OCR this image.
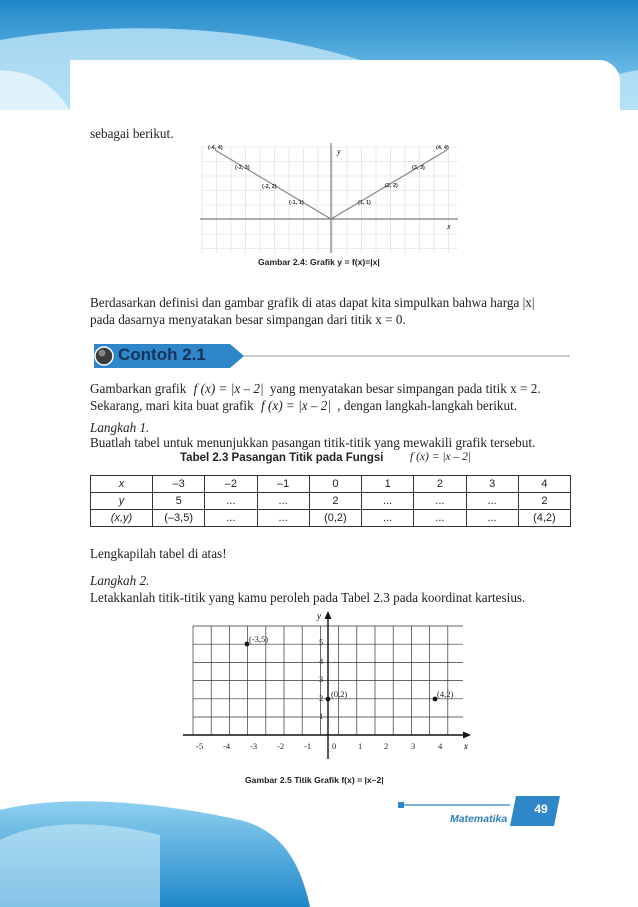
sebagai berikut.
y
x
(-4, 4)
(-3, 3)
(-2, 2)
(-1, 1)	(1, 1)
(2, 2)
(3, 3)
(4, 4)
Gambar 2.4: Grafik y = f(x)=|x|
Berdasarkan definisi dan gambar grafik di atas dapat kita simpulkan bahwa harga |x|
pada dasarnya menyatakan besar simpangan dari titik x = 0.
Contoh 2.1
Gambarkan grafik f (x) = |x – 2| yang menyatakan besar simpangan pada titik x = 2.
Sekarang, mari kita buat grafik f (x) = |x – 2| , dengan langkah-langkah berikut.
Langkah 1.
Buatlah tabel untuk menunjukkan pasangan titik-titik yang mewakili grafik tersebut.
Tabel 2.3 Pasangan Titik pada Fungsi f (x) = |x – 2|
x	–3	–2	–1	0	1	2	3	4
y	5	...	...	2	...	...	...	2
(x,y)	(–3,5)	...	...	(0,2)	...	...	...	(4,2)
Lengkapilah tabel di atas!
Langkah 2.
Letakkanlah titik-titik yang kamu peroleh pada Tabel 2.3 pada koordinat kartesius.
y
x
-5 -4 -3 -2 -1 0	1	2	3	4
5
4
3
2
1
(-3,5)
(0,2)	(4,2)
Gambar 2.5 Titik Grafik f(x) = |x–2|
49
Matematika
